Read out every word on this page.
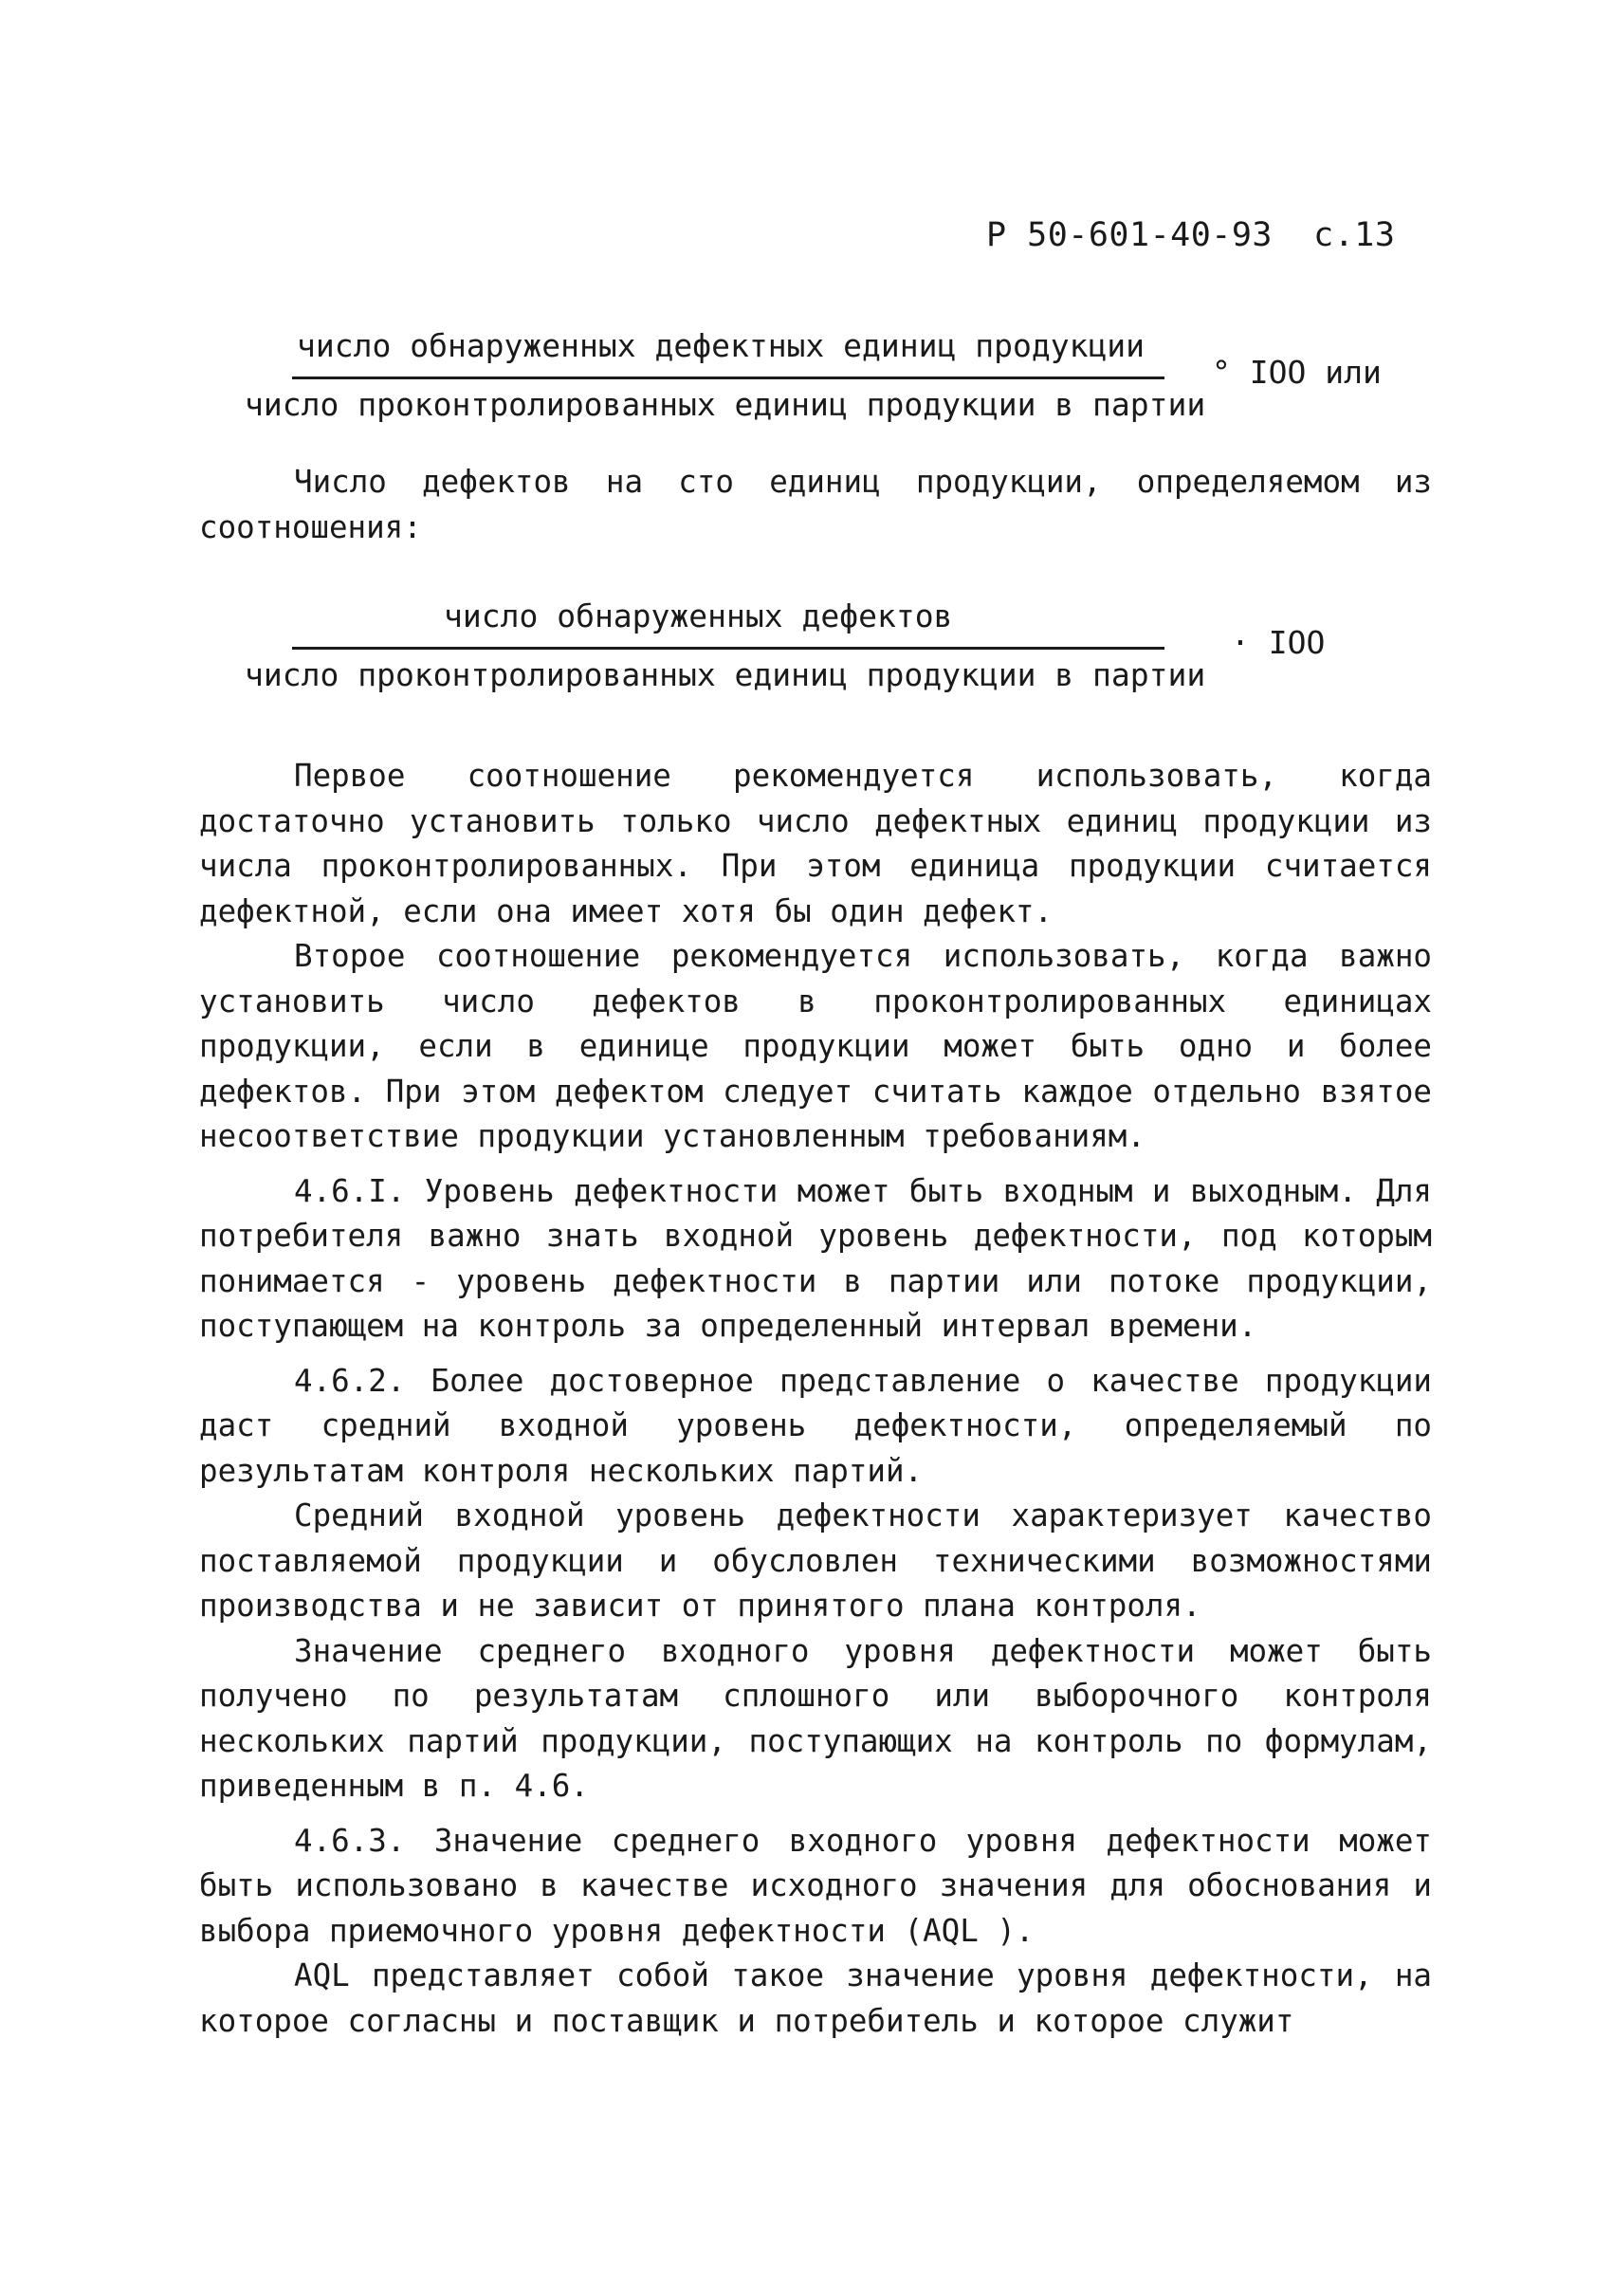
Р 50-601-40-93  с.13
число обнаруженных дефектных единиц продукции
число проконтролированных единиц продукции в партии
° IOO или

Число дефектов на сто единиц продукции, определяемом из соотношения:

число обнаруженных дефектов
число проконтролированных единиц продукции в партии
· IOO

Первое соотношение рекомендуется использовать, когда достаточно установить только число дефектных единиц продукции из числа проконтролированных. При этом единица продукции считается дефектной, если она имеет хотя бы один дефект.

Второе соотношение рекомендуется использовать, когда важно установить число дефектов в проконтролированных единицах продукции, если в единице продукции может быть одно и более дефектов. При этом дефектом следует считать каждое отдельно взятое несоответствие продукции установленным требованиям.

4.6.I. Уровень дефектности может быть входным и выходным. Для потребителя важно знать входной уровень дефектности, под которым понимается - уровень дефектности в партии или потоке продукции, поступающем на контроль за определенный интервал времени.

4.6.2. Более достоверное представление о качестве продукции даст средний входной уровень дефектности, определяемый по результатам контроля нескольких партий.

Средний входной уровень дефектности характеризует качество поставляемой продукции и обусловлен техническими возможностями производства и не зависит от принятого плана контроля.

Значение среднего входного уровня дефектности может быть получено по результатам сплошного или выборочного контроля нескольких партий продукции, поступающих на контроль по формулам, приведенным в п. 4.6.

4.6.3. Значение среднего входного уровня дефектности может быть использовано в качестве исходного значения для обоснования и выбора приемочного уровня дефектности (AQL ).

AQL представляет собой такое значение уровня дефектности, на которое согласны и поставщик и потребитель и которое служит
